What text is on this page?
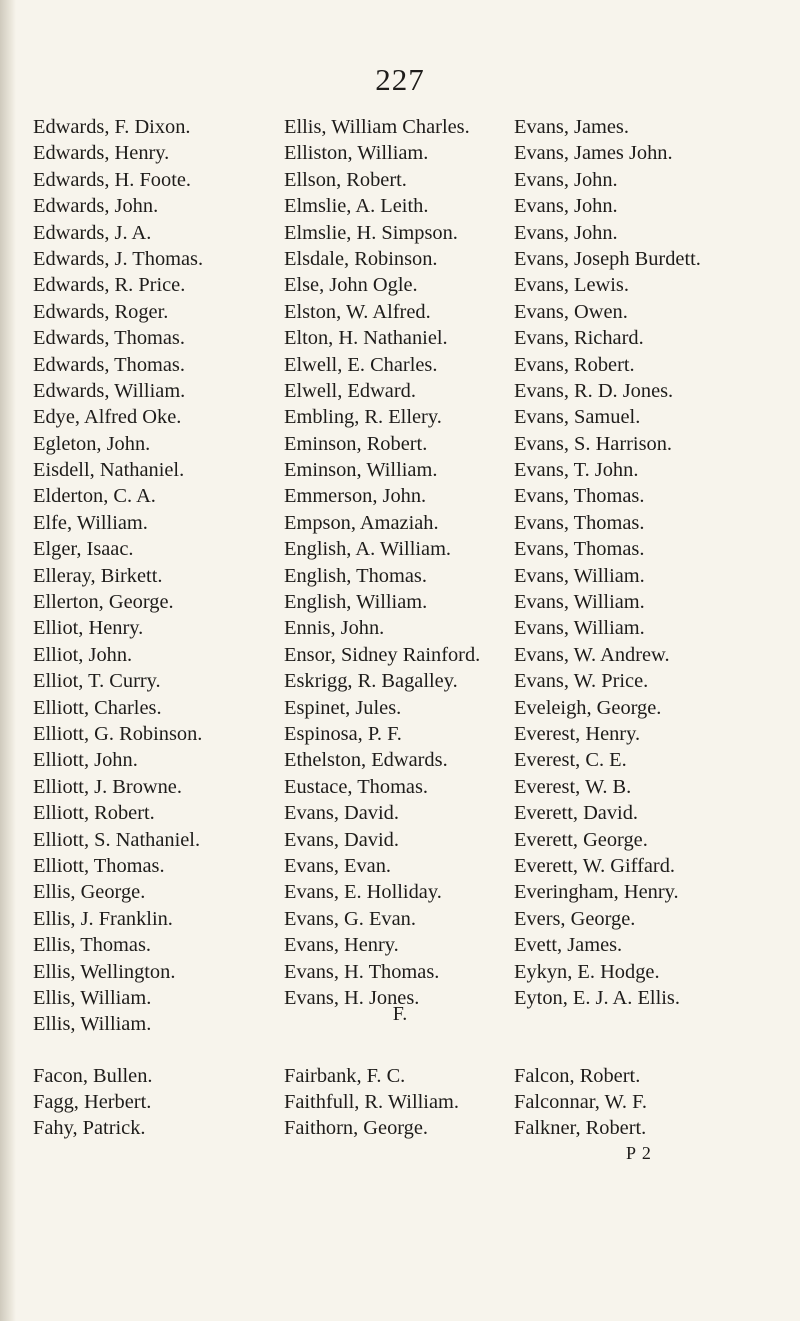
227
Edwards, F. Dixon.
Edwards, Henry.
Edwards, H. Foote.
Edwards, John.
Edwards, J. A.
Edwards, J. Thomas.
Edwards, R. Price.
Edwards, Roger.
Edwards, Thomas.
Edwards, Thomas.
Edwards, William.
Edye, Alfred Oke.
Egleton, John.
Eisdell, Nathaniel.
Elderton, C. A.
Elfe, William.
Elger, Isaac.
Elleray, Birkett.
Ellerton, George.
Elliot, Henry.
Elliot, John.
Elliot, T. Curry.
Elliott, Charles.
Elliott, G. Robinson.
Elliott, John.
Elliott, J. Browne.
Elliott, Robert.
Elliott, S. Nathaniel.
Elliott, Thomas.
Ellis, George.
Ellis, J. Franklin.
Ellis, Thomas.
Ellis, Wellington.
Ellis, William.
Ellis, William.
Ellis, William Charles.
Elliston, William.
Ellson, Robert.
Elmslie, A. Leith.
Elmslie, H. Simpson.
Elsdale, Robinson.
Else, John Ogle.
Elston, W. Alfred.
Elton, H. Nathaniel.
Elwell, E. Charles.
Elwell, Edward.
Embling, R. Ellery.
Eminson, Robert.
Eminson, William.
Emmerson, John.
Empson, Amaziah.
English, A. William.
English, Thomas.
English, William.
Ennis, John.
Ensor, Sidney Rainford.
Eskrigg, R. Bagalley.
Espinet, Jules.
Espinosa, P. F.
Ethelston, Edwards.
Eustace, Thomas.
Evans, David.
Evans, David.
Evans, Evan.
Evans, E. Holliday.
Evans, G. Evan.
Evans, Henry.
Evans, H. Thomas.
Evans, H. Jones.
Evans, James.
Evans, James John.
Evans, John.
Evans, John.
Evans, John.
Evans, Joseph Burdett.
Evans, Lewis.
Evans, Owen.
Evans, Richard.
Evans, Robert.
Evans, R. D. Jones.
Evans, Samuel.
Evans, S. Harrison.
Evans, T. John.
Evans, Thomas.
Evans, Thomas.
Evans, Thomas.
Evans, William.
Evans, William.
Evans, William.
Evans, W. Andrew.
Evans, W. Price.
Eveleigh, George.
Everest, Henry.
Everest, C. E.
Everest, W. B.
Everett, David.
Everett, George.
Everett, W. Giffard.
Everingham, Henry.
Evers, George.
Evett, James.
Eykyn, E. Hodge.
Eyton, E. J. A. Ellis.
F.
Facon, Bullen.
Fagg, Herbert.
Fahy, Patrick.
Fairbank, F. C.
Faithfull, R. William.
Faithorn, George.
Falcon, Robert.
Falconnar, W. F.
Falkner, Robert.
P 2
